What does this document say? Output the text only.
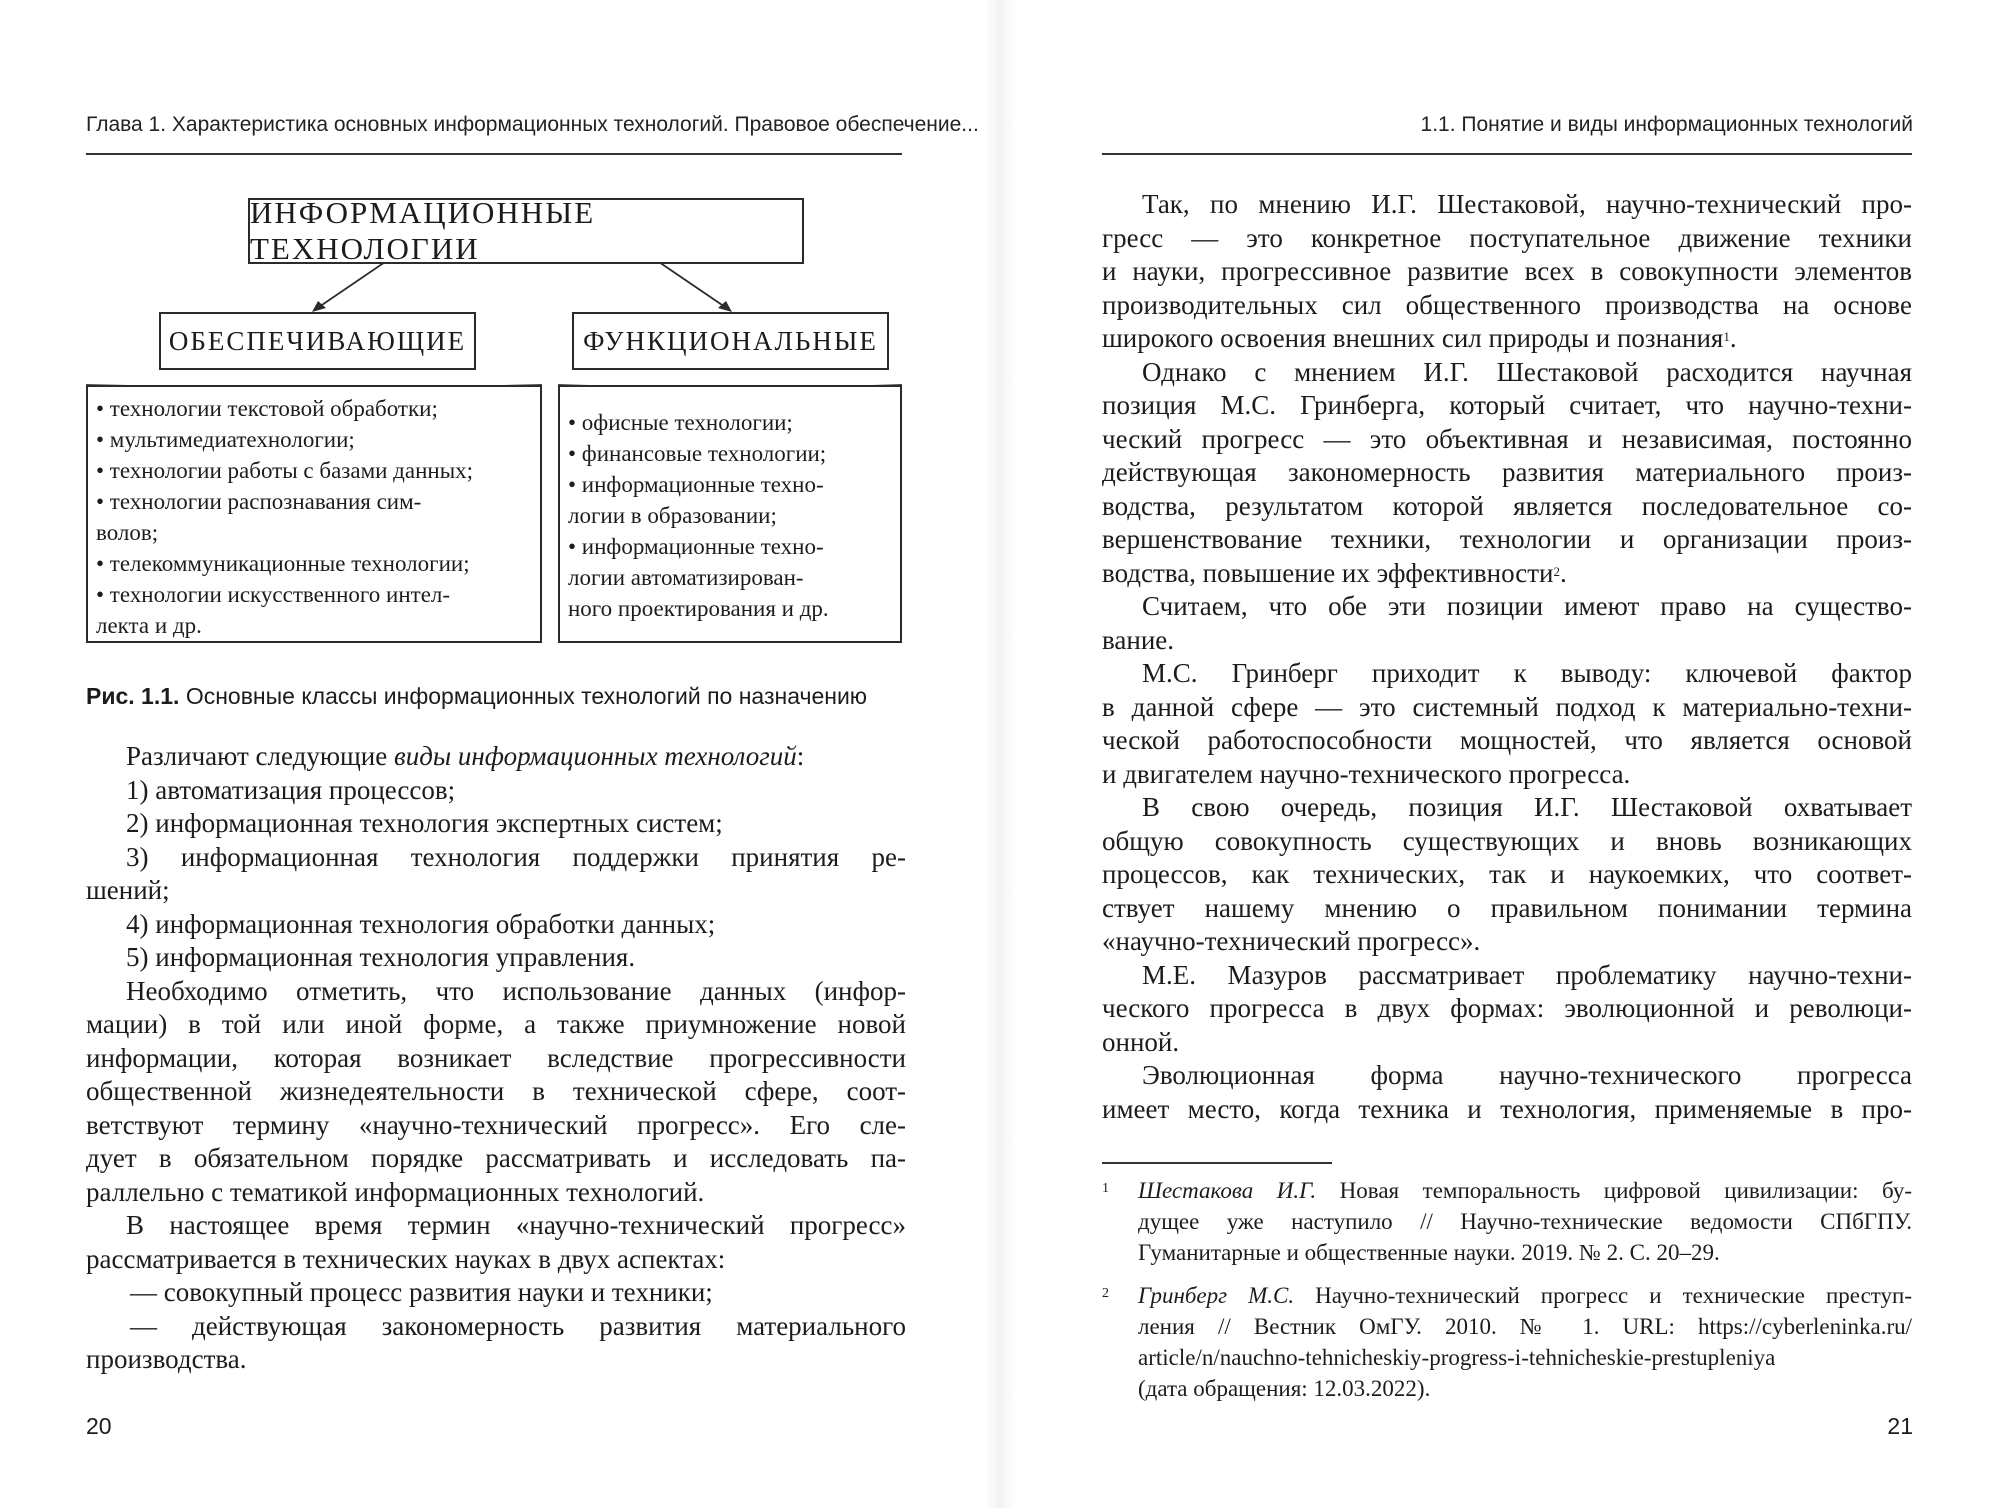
Глава 1. Характеристика основных информационных технологий. Правовое обеспечение...
ИНФОРМАЦИОННЫЕ ТЕХНОЛОГИИ
ОБЕСПЕЧИВАЮЩИЕ	ФУНКЦИОНАЛЬНЫЕ
• технологии текстовой обработки;
• мультимедиатехнологии;
• технологии работы с базами данных;
• технологии распознавания сим-
волов;
• телекоммуникационные технологии;
• технологии искусственного интел-
лекта и др.
• офисные технологии;
• финансовые технологии;
• информационные техно-
логии в образовании;
• информационные техно-
логии автоматизирован-
ного проектирования и др.
Рис. 1.1. Основные классы информационных технологий по назначению
Различают следующие виды информационных технологий:
1) автоматизация процессов;
2) информационная технология экспертных систем;
3) информационная технология поддержки принятия ре-
шений;
4) информационная технология обработки данных;
5) информационная технология управления.
Необходимо отметить, что использование данных (инфор-
мации) в той или иной форме, а также приумножение новой
информации, которая возникает вследствие прогрессивности
общественной жизнедеятельности в технической сфере, соот-
ветствуют термину «научно-технический прогресс». Его сле-
дует в обязательном порядке рассматривать и исследовать па-
раллельно с тематикой информационных технологий.
В настоящее время термин «научно-технический прогресс»
рассматривается в технических науках в двух аспектах:
— совокупный процесс развития науки и техники;
— действующая закономерность развития материального
производства.
20
1.1. Понятие и виды информационных технологий
Так, по мнению И.Г. Шестаковой, научно-технический про-
гресс — это конкретное поступательное движение техники
и науки, прогрессивное развитие всех в совокупности элементов
производительных сил общественного производства на основе
широкого освоения внешних сил природы и познания$^1$.
Однако с мнением И.Г. Шестаковой расходится научная
позиция М.С. Гринберга, который считает, что научно-техни-
ческий прогресс — это объективная и независимая, постоянно
действующая закономерность развития материального произ-
водства, результатом которой является последовательное со-
вершенствование техники, технологии и организации произ-
водства, повышение их эффективности$^2$.
Считаем, что обе эти позиции имеют право на существо-
вание.
М.С. Гринберг приходит к выводу: ключевой фактор
в данной сфере — это системный подход к материально-техни-
ческой работоспособности мощностей, что является основой
и двигателем научно-технического прогресса.
В свою очередь, позиция И.Г. Шестаковой охватывает
общую совокупность существующих и вновь возникающих
процессов, как технических, так и наукоемких, что соответ-
ствует нашему мнению о правильном понимании термина
«научно-технический прогресс».
М.Е. Мазуров рассматривает проблематику научно-техни-
ческого прогресса в двух формах: эволюционной и революци-
онной.
Эволюционная форма научно-технического прогресса
имеет место, когда техника и технология, применяемые в про-
1 Шестакова И.Г. Новая темпоральность цифровой цивилизации: бу-
дущее уже наступило // Научно-технические ведомости СПбГПУ.
Гуманитарные и общественные науки. 2019. № 2. С. 20–29.
2 Гринберг М.С. Научно-технический прогресс и технические преступ-
ления // Вестник ОмГУ. 2010. № 1. URL: https://cyberleninka.ru/
article/n/nauchno-tehnicheskiy-progress-i-tehnicheskie-prestupleniya
(дата обращения: 12.03.2022).
21
